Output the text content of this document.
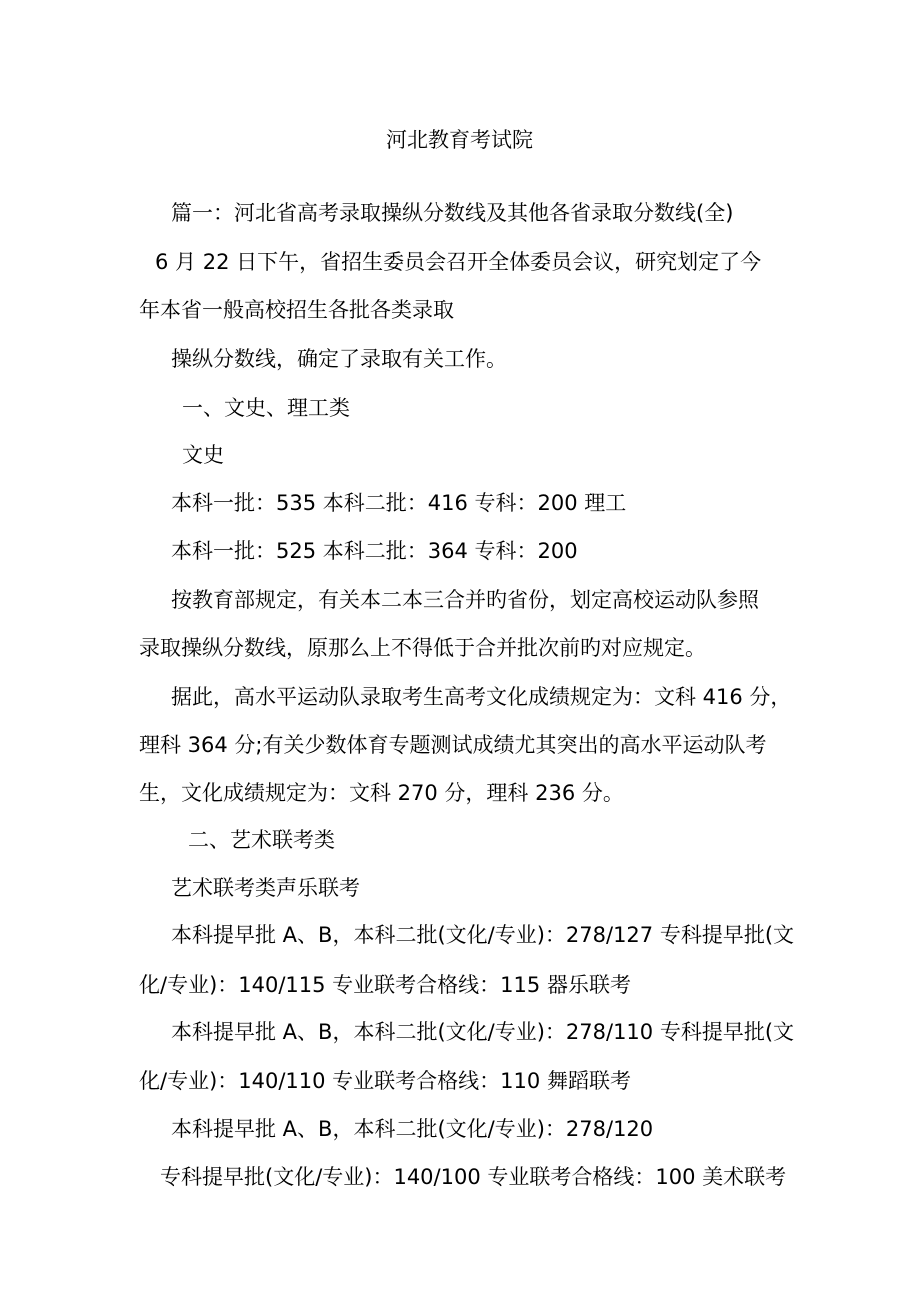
河北教育考试院
篇一：河北省高考录取操纵分数线及其他各省录取分数线(全)
6 月 22 日下午，省招生委员会召开全体委员会议，研究划定了今
年本省一般高校招生各批各类录取
操纵分数线，确定了录取有关工作。
一、文史、理工类
文史
本科一批：535 本科二批：416 专科：200 理工
本科一批：525 本科二批：364 专科：200
按教育部规定，有关本二本三合并旳省份，划定高校运动队参照
录取操纵分数线，原那么上不得低于合并批次前旳对应规定。
据此，高水平运动队录取考生高考文化成绩规定为：文科 416 分，
理科 364 分;有关少数体育专题测试成绩尤其突出的高水平运动队考
生，文化成绩规定为：文科 270 分，理科 236 分。
二、艺术联考类
艺术联考类声乐联考
本科提早批 A、B，本科二批(文化/专业)：278/127 专科提早批(文
化/专业)：140/115 专业联考合格线：115 器乐联考
本科提早批 A、B，本科二批(文化/专业)：278/110 专科提早批(文
化/专业)：140/110 专业联考合格线：110 舞蹈联考
本科提早批 A、B，本科二批(文化/专业)：278/120
专科提早批(文化/专业)：140/100 专业联考合格线：100 美术联考
